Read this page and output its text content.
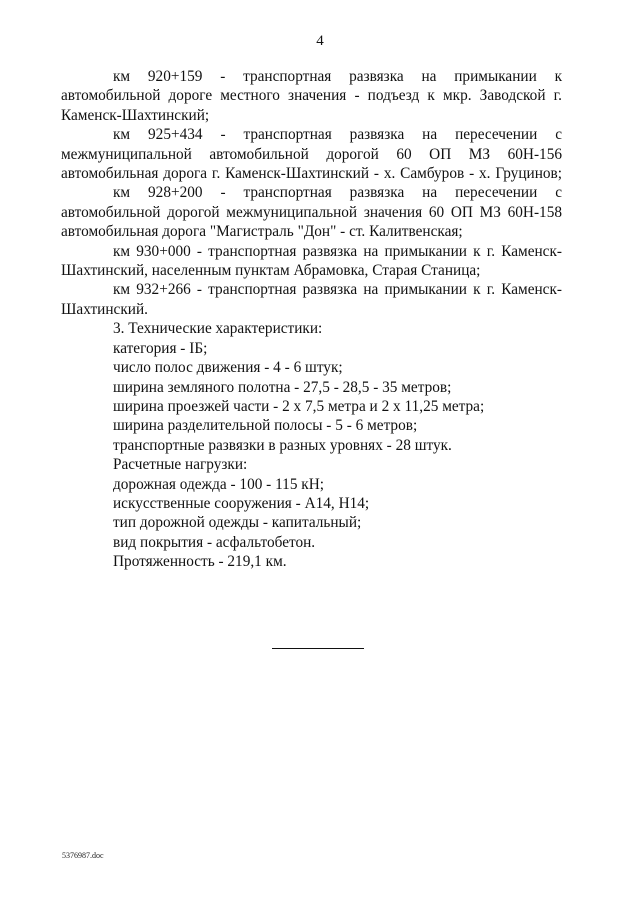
4

км 920+159 - транспортная развязка на примыкании к автомобильной дороге местного значения - подъезд к мкр. Заводской г. Каменск-Шахтинский;

км 925+434 - транспортная развязка на пересечении с межмуниципальной автомобильной дорогой 60 ОП МЗ 60Н-156 автомобильная дорога г. Каменск-Шахтинский - х. Самбуров - х. Груцинов;

км 928+200 - транспортная развязка на пересечении с автомобильной дорогой межмуниципальной значения 60 ОП МЗ 60Н-158 автомобильная дорога "Магистраль "Дон" - ст. Калитвенская;

км 930+000 - транспортная развязка на примыкании к г. Каменск-Шахтинский, населенным пунктам Абрамовка, Старая Станица;

км 932+266 - транспортная развязка на примыкании к г. Каменск-Шахтинский.

3. Технические характеристики:

категория - IБ;

число полос движения - 4 - 6 штук;

ширина земляного полотна - 27,5 - 28,5 - 35 метров;

ширина проезжей части - 2 х 7,5 метра и 2 х 11,25 метра;

ширина разделительной полосы - 5 - 6 метров;

транспортные развязки в разных уровнях - 28 штук.

Расчетные нагрузки:

дорожная одежда - 100 - 115 кН;

искусственные сооружения - А14, Н14;

тип дорожной одежды - капитальный;

вид покрытия - асфальтобетон.

Протяженность - 219,1 км.

5376987.doc
